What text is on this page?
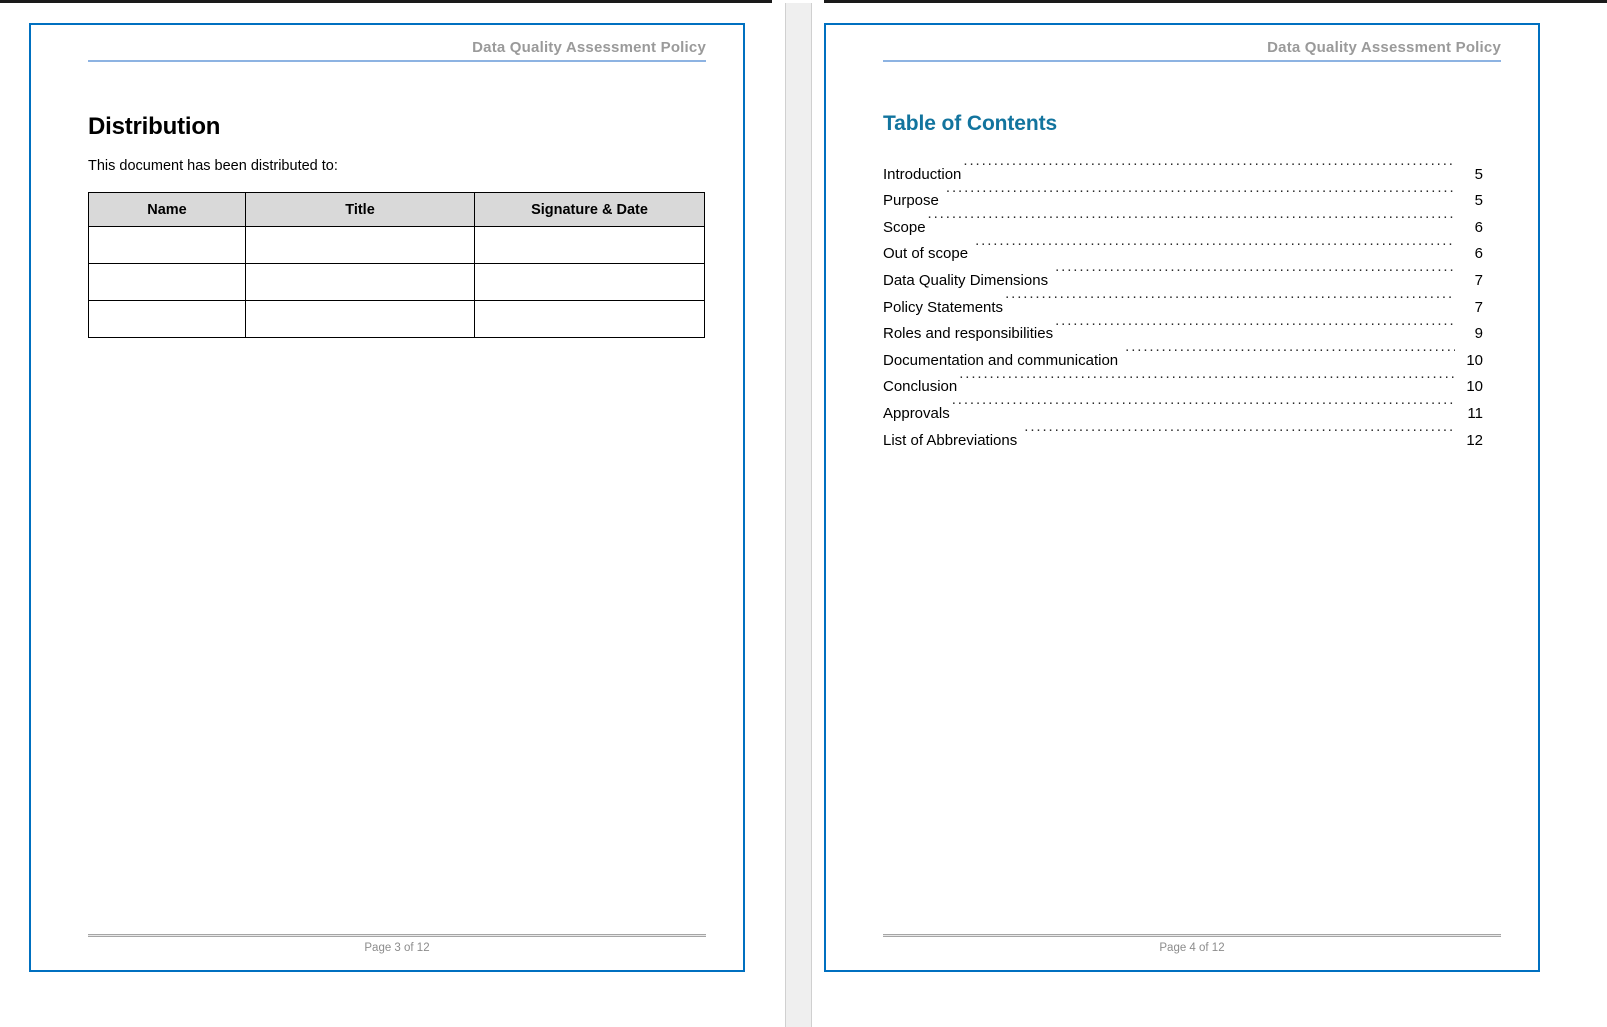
Data Quality Assessment Policy
Distribution
This document has been distributed to:
Name	Title	Signature & Date

Page 3 of 12
Data Quality Assessment Policy
Table of Contents
Introduction .....	5
Purpose .....	5
Scope .....	6
Out of scope .....	6
Data Quality Dimensions .....	7
Policy Statements .....	7
Roles and responsibilities .....	9
Documentation and communication .....	10
Conclusion .....	10
Approvals .....	11
List of Abbreviations .....	12
Page 4 of 12
